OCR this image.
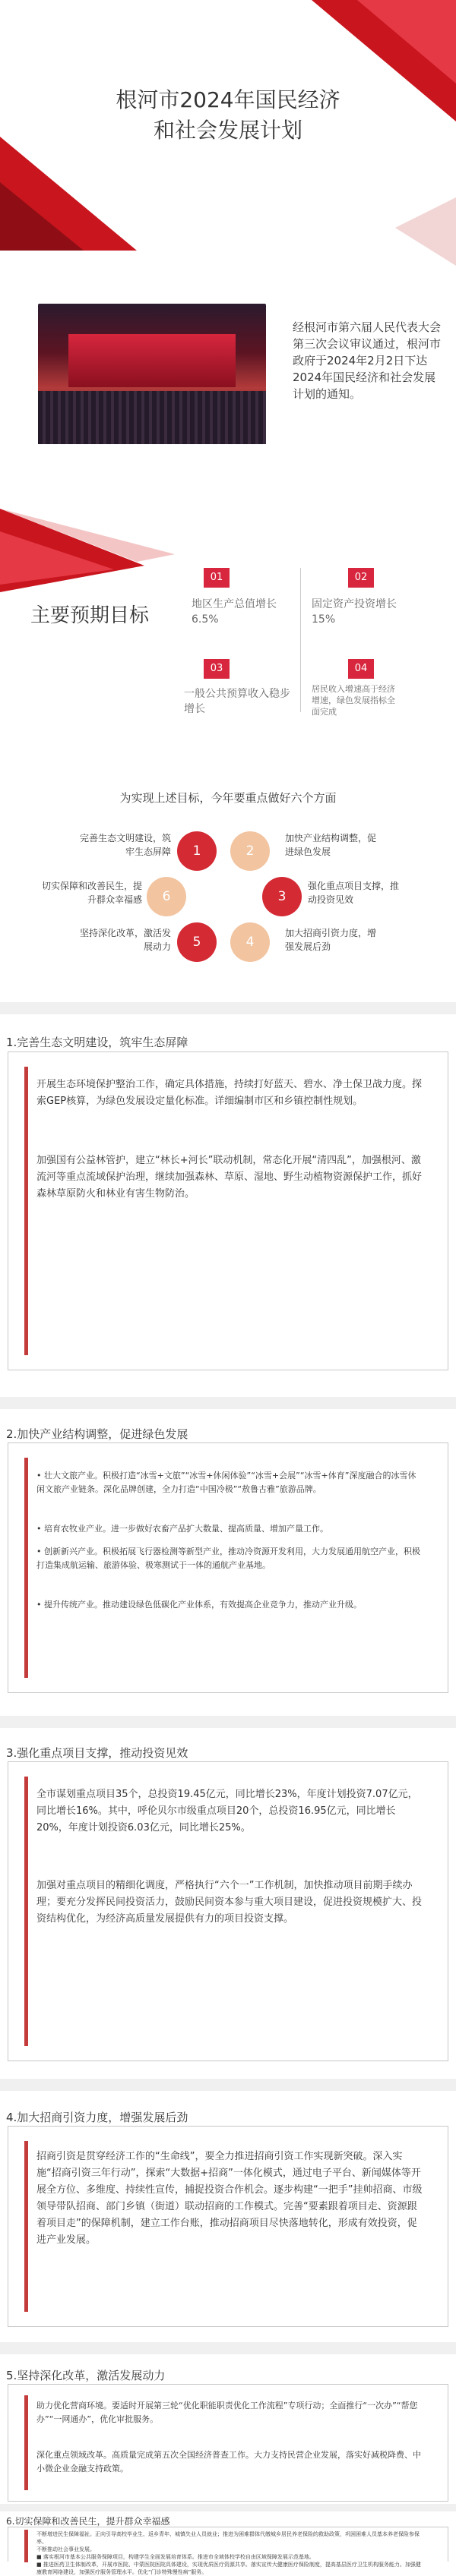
根河市2024年国民经济
和社会发展计划
经根河市第六届人民代表大会第三次会议审议通过，根河市政府于2024年2月2日下达2024年国民经济和社会发展计划的通知。
主要预期目标
01
地区生产总值增长6.5%
02
固定资产投资增长15%
03
一般公共预算收入稳步增长
04
居民收入增速高于经济增速，绿色发展指标全面完成
为实现上述目标，今年要重点做好六个方面
1	2
3
4
5
6
完善生态文明建设，筑牢生态屏障
加快产业结构调整，促进绿色发展
强化重点项目支撑，推动投资见效
加大招商引资力度，增强发展后劲
坚持深化改革，激活发展动力
切实保障和改善民生，提升群众幸福感
1.完善生态文明建设，筑牢生态屏障
开展生态环境保护整治工作，确定具体措施，持续打好蓝天、碧水、净土保卫战力度。探索GEP核算，为绿色发展设定量化标准。详细编制市区和乡镇控制性规划。
加强国有公益林管护，建立“林长+河长”联动机制，常态化开展“清四乱”，加强根河、激流河等重点流域保护治理，继续加强森林、草原、湿地、野生动植物资源保护工作，抓好森林草原防火和林业有害生物防治。
2.加快产业结构调整，促进绿色发展
• 壮大文旅产业。积极打造“冰雪+文旅”“冰雪+休闲体验”“冰雪+会展”“冰雪+体育”深度融合的冰雪休闲文旅产业链条。深化品牌创建，全力打造“中国冷极”“敖鲁古雅”旅游品牌。
• 培育农牧业产业。进一步做好农畜产品扩大数量、提高质量、增加产量工作。
• 创新新兴产业。积极拓展飞行器检测等新型产业，推动冷资源开发利用，大力发展通用航空产业，积极打造集成航运输、旅游体验、极寒测试于一体的通航产业基地。
• 提升传统产业。推动建设绿色低碳化产业体系，有效提高企业竞争力，推动产业升级。
3.强化重点项目支撑，推动投资见效
全市谋划重点项目35个，总投资19.45亿元，同比增长23%，年度计划投资7.07亿元，同比增长16%。其中，呼伦贝尔市级重点项目20个，总投资16.95亿元，同比增长20%，年度计划投资6.03亿元，同比增长25%。
加强对重点项目的精细化调度，严格执行“六个一”工作机制，加快推动项目前期手续办理；要充分发挥民间投资活力，鼓励民间资本参与重大项目建设，促进投资规模扩大、投资结构优化，为经济高质量发展提供有力的项目投资支撑。
4.加大招商引资力度，增强发展后劲
招商引资是贯穿经济工作的“生命线”，要全力推进招商引资工作实现新突破。深入实施“招商引资三年行动”，探索“大数据+招商”一体化模式，通过电子平台、新闻媒体等开展全方位、多维度、持续性宣传，捕捉投资合作机会。逐步构建“一把手”挂帅招商、市级领导带队招商、部门乡镇（街道）联动招商的工作模式。完善“要素跟着项目走、资源跟着项目走”的保障机制，建立工作台账，推动招商项目尽快落地转化，形成有效投资，促进产业发展。
5.坚持深化改革，激活发展动力
助力优化营商环境。要适时开展第三轮“优化职能职责优化工作流程”专项行动；全面推行“一次办”“帮您办”“一网通办”，优化审批服务。
深化重点领域改革。高质量完成第五次全国经济普查工作。大力支持民营企业发展，落实好减税降费、中小微企业金融支持政策。
6.切实保障和改善民生，提升群众幸福感
不断增进民生保障福祉。正向引导高校毕业生、返乡青年、城镇失业人员就业；推进为困难群体代缴城乡居民养老保险的救助政策，巩困困难人员基本养老保险参保率。
不断推动社会事业发展。
■ 落实根河市基本公共服务保障项目，构建学生全面发展培育体系。推进市全域体校学校自由区域保障发展示范基地。
■ 推进医药卫生体制改革，开展市医院、中蒙医院医院具体建设，实现优质医疗资源共享。落实宣传大健康医疗保险制度，提高基层医疗卫生机构服务能力。加强健康教育网络建设，加强医疗服务管理水平。优化“门诊特殊慢性病”服务。
